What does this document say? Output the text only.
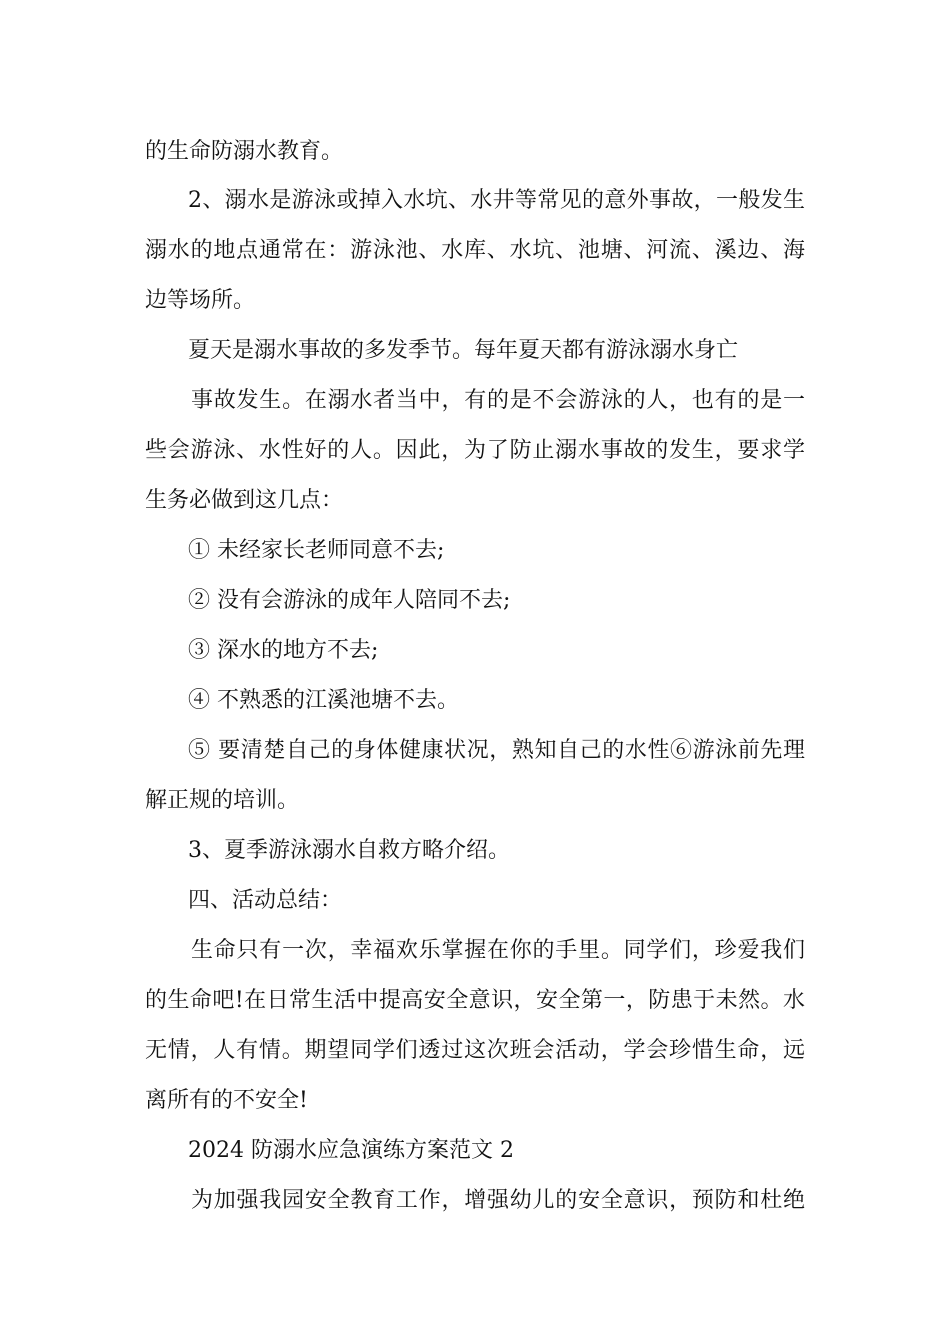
的生命防溺水教育。
2、溺水是游泳或掉入水坑、水井等常见的意外事故，一般发生
溺水的地点通常在：游泳池、水库、水坑、池塘、河流、溪边、海
边等场所。
夏天是溺水事故的多发季节。每年夏天都有游泳溺水身亡
事故发生。在溺水者当中，有的是不会游泳的人，也有的是一
些会游泳、水性好的人。因此，为了防止溺水事故的发生，要求学
生务必做到这几点：
① 未经家长老师同意不去;
② 没有会游泳的成年人陪同不去;
③ 深水的地方不去;
④ 不熟悉的江溪池塘不去。
⑤ 要清楚自己的身体健康状况，熟知自己的水性⑥游泳前先理
解正规的培训。
3、夏季游泳溺水自救方略介绍。
四、活动总结：
生命只有一次，幸福欢乐掌握在你的手里。同学们，珍爱我们
的生命吧!在日常生活中提高安全意识，安全第一，防患于未然。水
无情，人有情。期望同学们透过这次班会活动，学会珍惜生命，远
离所有的不安全!
2024 防溺水应急演练方案范文 2
为加强我园安全教育工作，增强幼儿的安全意识，预防和杜绝
